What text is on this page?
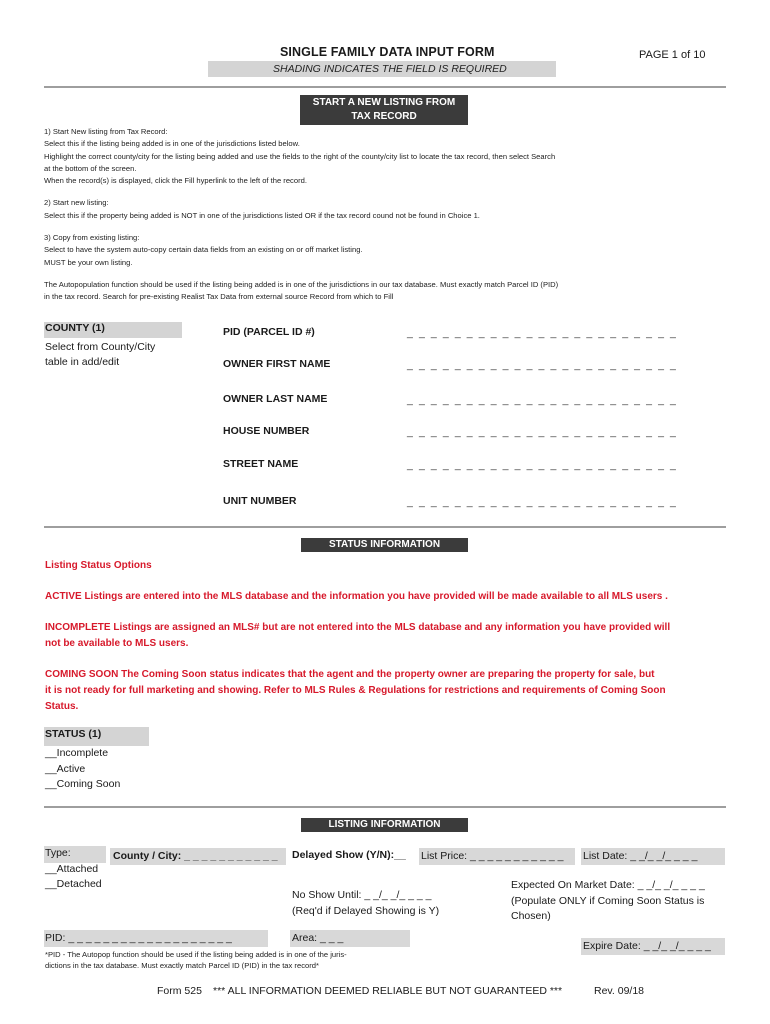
SINGLE FAMILY DATA INPUT FORM	PAGE 1 of 10
SHADING INDICATES THE FIELD IS REQUIRED
START A NEW LISTING FROM
TAX RECORD
1) Start New listing from Tax Record:
Select this if the listing being added is in one of the jurisdictions listed below.
Highlight the correct county/city for the listing being added and use the fields to the right of the county/city list to locate the tax record, then select Search
at the bottom of the screen.
When the record(s) is displayed, click the Fill hyperlink to the left of the record.
2) Start new listing:
Select this if the property being added is NOT in one of the jurisdictions listed OR if the tax record cound not be found in Choice 1.
3) Copy from existing listing:
Select to have the system auto-copy certain data fields from an existing on or off market listing.
MUST be your own listing.
The Autopopulation function should be used if the listing being added is in one of the jurisdictions in our tax database. Must exactly match Parcel ID (PID)
in the tax record. Search for pre-existing Realist Tax Data from external source Record from which to Fill
COUNTY (1)
Select from County/City
table in add/edit
PID (PARCEL ID #)	_ _ _ _ _ _ _ _ _ _ _ _ _ _ _ _ _ _ _ _ _ _ _
OWNER FIRST NAME	_ _ _ _ _ _ _ _ _ _ _ _ _ _ _ _ _ _ _ _ _ _ _
OWNER LAST NAME	_ _ _ _ _ _ _ _ _ _ _ _ _ _ _ _ _ _ _ _ _ _ _
HOUSE NUMBER	_ _ _ _ _ _ _ _ _ _ _ _ _ _ _ _ _ _ _ _ _ _ _
STREET NAME	_ _ _ _ _ _ _ _ _ _ _ _ _ _ _ _ _ _ _ _ _ _ _
UNIT NUMBER	_ _ _ _ _ _ _ _ _ _ _ _ _ _ _ _ _ _ _ _ _ _ _
STATUS INFORMATION
Listing Status Options
ACTIVE Listings are entered into the MLS database and the information you have provided will be made available to all MLS users .
INCOMPLETE Listings are assigned an MLS# but are not entered into the MLS database and any information you have provided will
not be available to MLS users.
COMING SOON The Coming Soon status indicates that the agent and the property owner are preparing the property for sale, but
it is not ready for full marketing and showing. Refer to MLS Rules & Regulations for restrictions and requirements of Coming Soon
Status.
STATUS (1)
__Incomplete
__Active
__Coming Soon
LISTING INFORMATION
Type:
__Attached
__Detached
County / City: _ _ _ _ _ _ _ _ _ _ _ Delayed Show (Y/N):__ List Price: _ _ _ _ _ _ _ _ _ _ _ List Date: _ _/_ _/_ _ _ _
No Show Until: _ _/_ _/_ _ _ _
(Req'd if Delayed Showing is Y)
Expected On Market Date: _ _/_ _/_ _ _ _
(Populate ONLY if Coming Soon Status is
Chosen)
PID: _ _ _ _ _ _ _ _ _ _ _ _ _ _ _ _ _ _ _	Area: _ _ _
Expire Date: _ _/_ _/_ _ _ _
*PID - The Autopop function should be used if the listing being added is in one of the juris-
dictions in the tax database. Must exactly match Parcel ID (PID) in the tax record*
Form 525 *** ALL INFORMATION DEEMED RELIABLE BUT NOT GUARANTEED ***	Rev. 09/18
